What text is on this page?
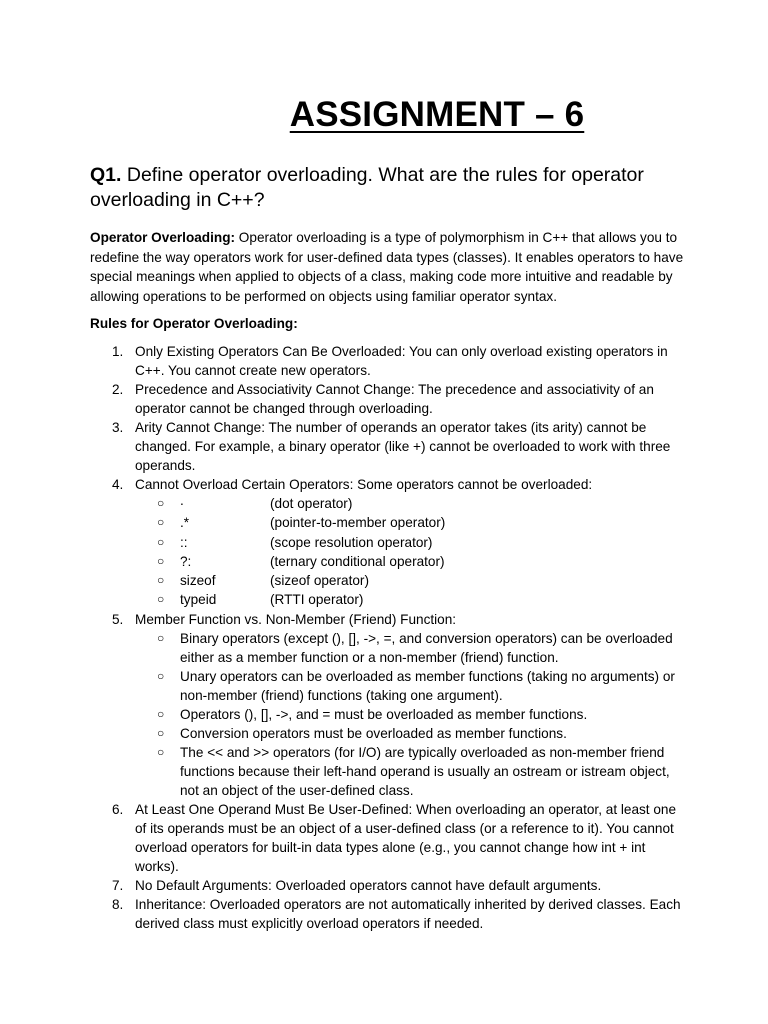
ASSIGNMENT – 6
Q1. Define operator overloading. What are the rules for operator overloading in C++?
Operator Overloading: Operator overloading is a type of polymorphism in C++ that allows you to redefine the way operators work for user-defined data types (classes). It enables operators to have special meanings when applied to objects of a class, making code more intuitive and readable by allowing operations to be performed on objects using familiar operator syntax.
Rules for Operator Overloading:
1. Only Existing Operators Can Be Overloaded: You can only overload existing operators in C++. You cannot create new operators.
2. Precedence and Associativity Cannot Change: The precedence and associativity of an operator cannot be changed through overloading.
3. Arity Cannot Change: The number of operands an operator takes (its arity) cannot be changed. For example, a binary operator (like +) cannot be overloaded to work with three operands.
4. Cannot Overload Certain Operators: Some operators cannot be overloaded:
○ .	(dot operator)
○ .*	(pointer-to-member operator)
○ ::	(scope resolution operator)
○ ?:	(ternary conditional operator)
○ sizeof	(sizeof operator)
○ typeid	(RTTI operator)
5. Member Function vs. Non-Member (Friend) Function:
○ Binary operators (except (), [], ->, =, and conversion operators) can be overloaded either as a member function or a non-member (friend) function.
○ Unary operators can be overloaded as member functions (taking no arguments) or non-member (friend) functions (taking one argument).
○ Operators (), [], ->, and = must be overloaded as member functions.
○ Conversion operators must be overloaded as member functions.
○ The << and >> operators (for I/O) are typically overloaded as non-member friend functions because their left-hand operand is usually an ostream or istream object, not an object of the user-defined class.
6. At Least One Operand Must Be User-Defined: When overloading an operator, at least one of its operands must be an object of a user-defined class (or a reference to it). You cannot overload operators for built-in data types alone (e.g., you cannot change how int + int works).
7. No Default Arguments: Overloaded operators cannot have default arguments.
8. Inheritance: Overloaded operators are not automatically inherited by derived classes. Each derived class must explicitly overload operators if needed.
